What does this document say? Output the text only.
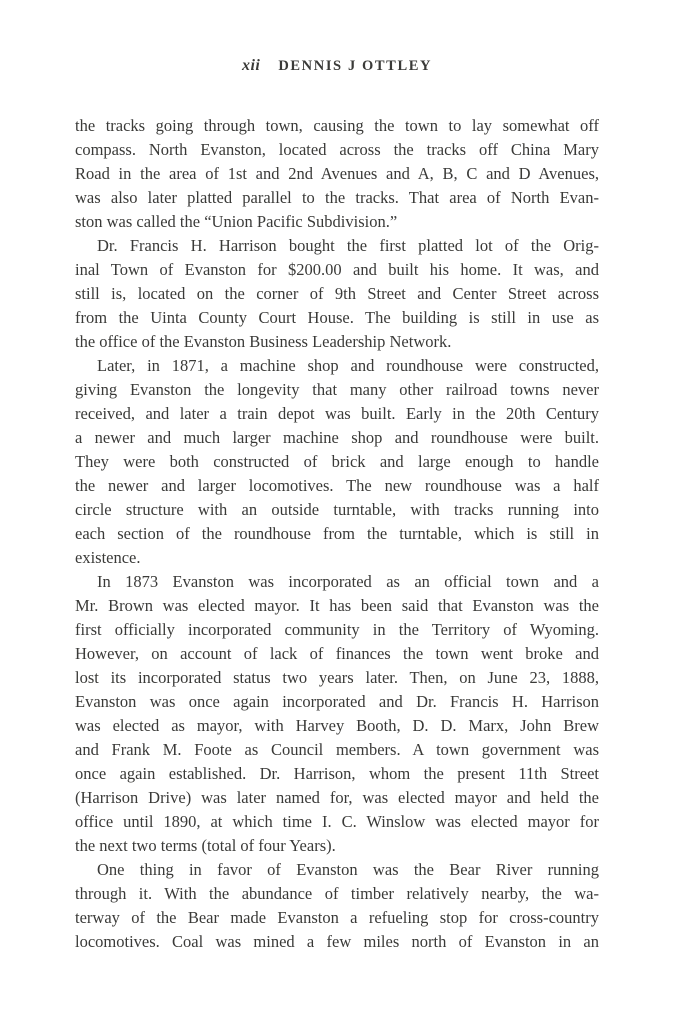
xii DENNIS J OTTLEY
the tracks going through town, causing the town to lay somewhat off
compass. North Evanston, located across the tracks off China Mary
Road in the area of 1st and 2nd Avenues and A, B, C and D Avenues,
was also later platted parallel to the tracks. That area of North Evan-
ston was called the “Union Pacific Subdivision.”
Dr. Francis H. Harrison bought the first platted lot of the Orig-
inal Town of Evanston for $200.00 and built his home. It was, and
still is, located on the corner of 9th Street and Center Street across
from the Uinta County Court House. The building is still in use as
the office of the Evanston Business Leadership Network.
Later, in 1871, a machine shop and roundhouse were constructed,
giving Evanston the longevity that many other railroad towns never
received, and later a train depot was built. Early in the 20th Century
a newer and much larger machine shop and roundhouse were built.
They were both constructed of brick and large enough to handle
the newer and larger locomotives. The new roundhouse was a half
circle structure with an outside turntable, with tracks running into
each section of the roundhouse from the turntable, which is still in
existence.
In 1873 Evanston was incorporated as an official town and a
Mr. Brown was elected mayor. It has been said that Evanston was the
first officially incorporated community in the Territory of Wyoming.
However, on account of lack of finances the town went broke and
lost its incorporated status two years later. Then, on June 23, 1888,
Evanston was once again incorporated and Dr. Francis H. Harrison
was elected as mayor, with Harvey Booth, D. D. Marx, John Brew
and Frank M. Foote as Council members. A town government was
once again established. Dr. Harrison, whom the present 11th Street
(Harrison Drive) was later named for, was elected mayor and held the
office until 1890, at which time I. C. Winslow was elected mayor for
the next two terms (total of four Years).
One thing in favor of Evanston was the Bear River running
through it. With the abundance of timber relatively nearby, the wa-
terway of the Bear made Evanston a refueling stop for cross-country
locomotives. Coal was mined a few miles north of Evanston in an
